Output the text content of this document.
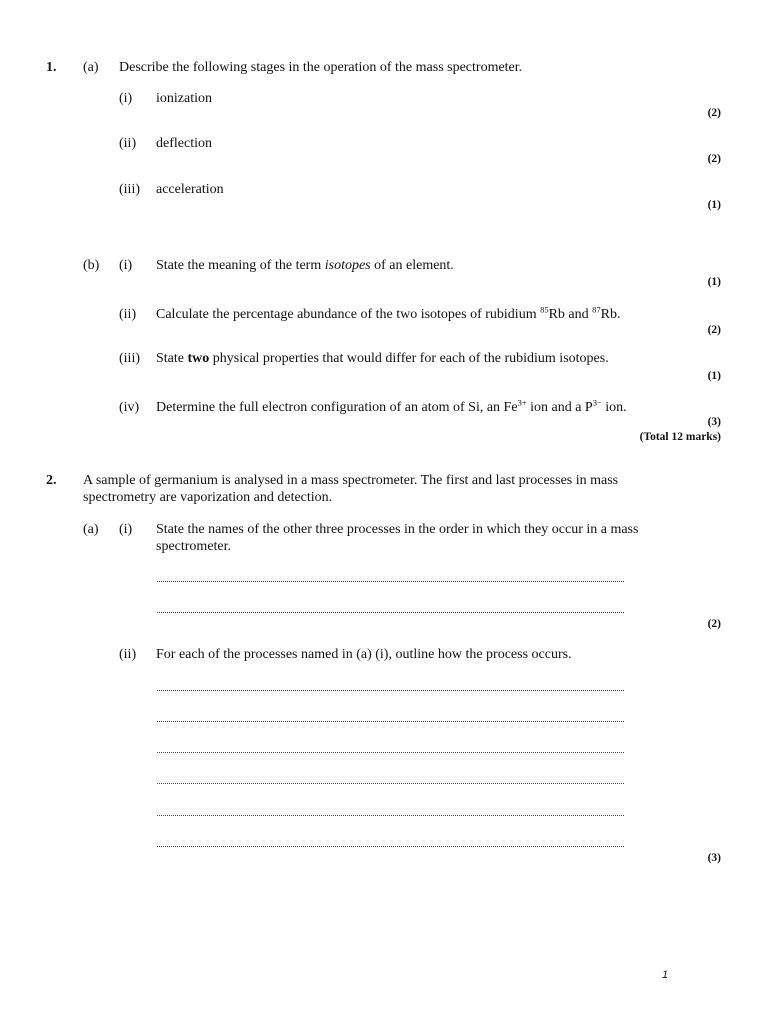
1. (a) Describe the following stages in the operation of the mass spectrometer.
(i) ionization
(2)
(ii) deflection
(2)
(iii) acceleration
(1)
(b) (i) State the meaning of the term isotopes of an element.
(1)
(ii) Calculate the percentage abundance of the two isotopes of rubidium $^{85}$Rb and $^{87}$Rb.
(2)
(iii) State two physical properties that would differ for each of the rubidium isotopes.
(1)
(iv) Determine the full electron configuration of an atom of Si, an $Fe^{3+}$ ion and a $P^{3-}$ ion.
(3)
(Total 12 marks)
2. A sample of germanium is analysed in a mass spectrometer. The first and last processes in mass spectrometry are vaporization and detection.
(a) (i) State the names of the other three processes in the order in which they occur in a mass spectrometer.
(2)
(ii) For each of the processes named in (a) (i), outline how the process occurs.
(3)
1
